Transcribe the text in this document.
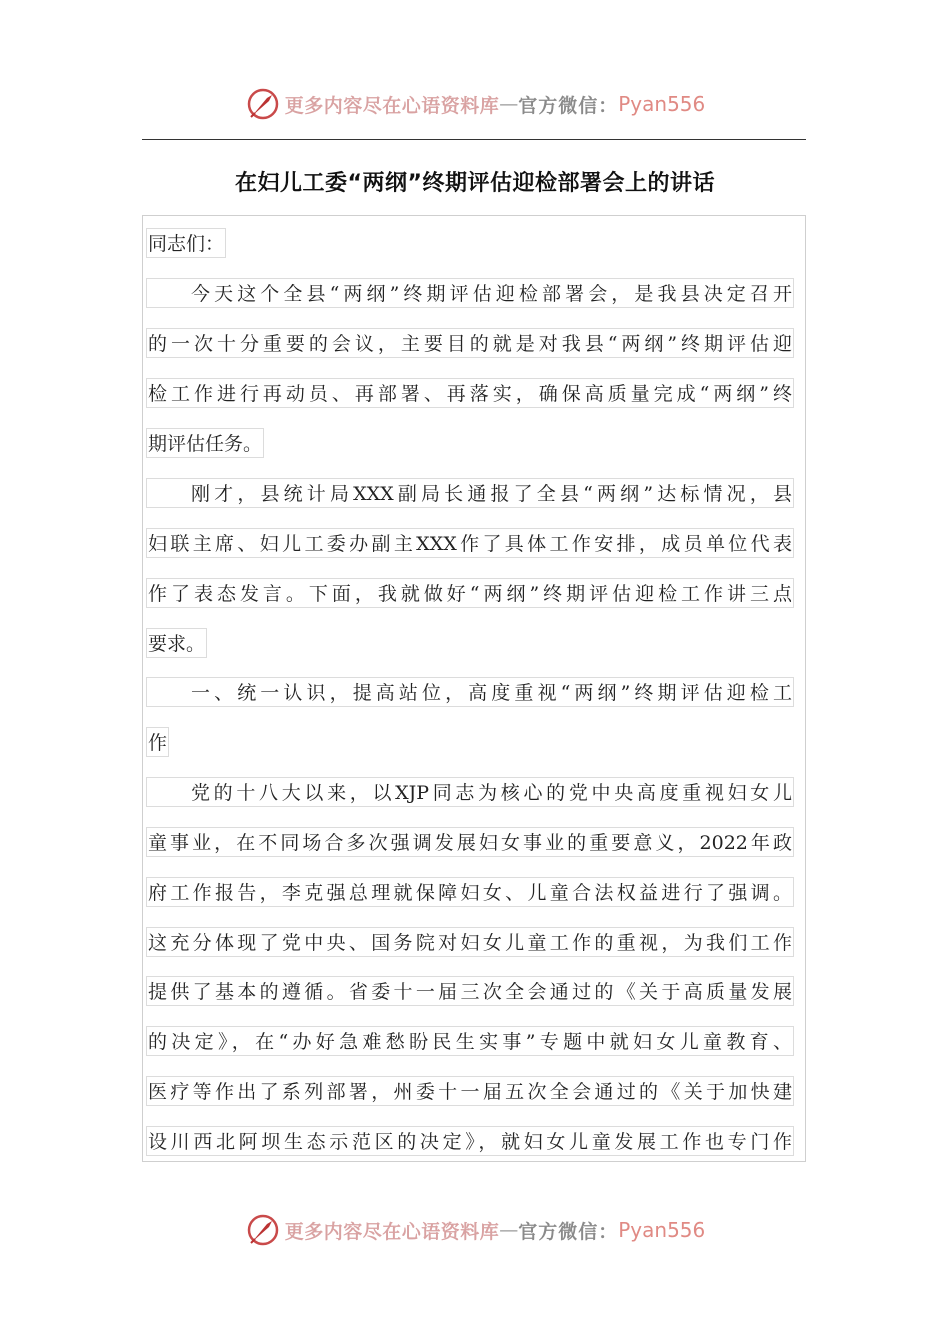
更多内容尽在心语资料库 — 官方微信： Pyan556
在妇儿工委“两纲”终期评估迎检部署会上的讲话
同志们：
今天这个全县“两纲”终期评估迎检部署会，是我县决定召开
的一次十分重要的会议，主要目的就是对我县“两纲”终期评估迎
检工作进行再动员、再部署、再落实，确保高质量完成“两纲”终
期评估任务。
刚才，县统计局XXX副局长通报了全县“两纲”达标情况，县
妇联主席、妇儿工委办副主XXX作了具体工作安排，成员单位代表
作了表态发言。下面，我就做好“两纲”终期评估迎检工作讲三点
要求。
一、统一认识，提高站位，高度重视“两纲”终期评估迎检工
作
党的十八大以来，以XJP同志为核心的党中央高度重视妇女儿
童事业，在不同场合多次强调发展妇女事业的重要意义，2022年政
府工作报告，李克强总理就保障妇女、儿童合法权益进行了强调。
这充分体现了党中央、国务院对妇女儿童工作的重视，为我们工作
提供了基本的遵循。省委十一届三次全会通过的《关于高质量发展
的决定》，在“办好急难愁盼民生实事”专题中就妇女儿童教育、
医疗等作出了系列部署，州委十一届五次全会通过的《关于加快建
设川西北阿坝生态示范区的决定》，就妇女儿童发展工作也专门作
更多内容尽在心语资料库 — 官方微信： Pyan556
